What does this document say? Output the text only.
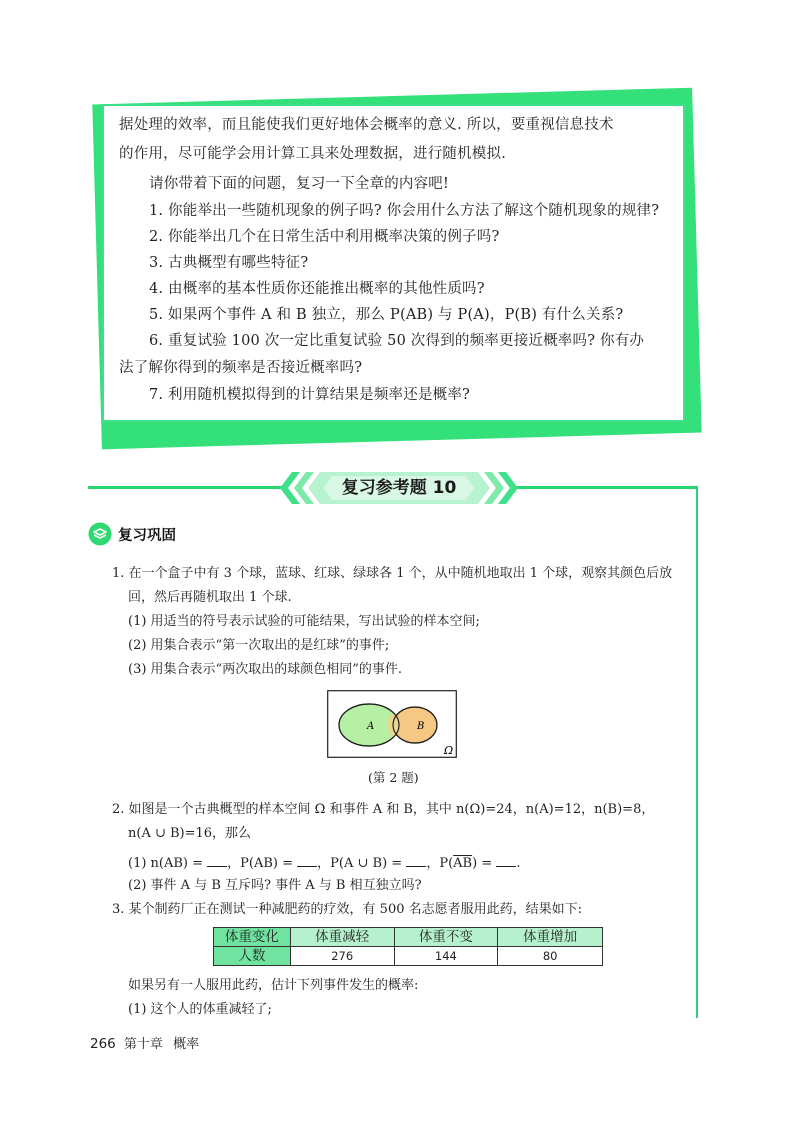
据处理的效率，而且能使我们更好地体会概率的意义. 所以，要重视信息技术
的作用，尽可能学会用计算工具来处理数据，进行随机模拟.
请你带着下面的问题，复习一下全章的内容吧!
1. 你能举出一些随机现象的例子吗? 你会用什么方法了解这个随机现象的规律?
2. 你能举出几个在日常生活中利用概率决策的例子吗?
3. 古典概型有哪些特征?
4. 由概率的基本性质你还能推出概率的其他性质吗?
5. 如果两个事件 A 和 B 独立，那么 P(AB) 与 P(A)，P(B) 有什么关系?
6. 重复试验 100 次一定比重复试验 50 次得到的频率更接近概率吗? 你有办
法了解你得到的频率是否接近概率吗?
7. 利用随机模拟得到的计算结果是频率还是概率?
复习参考题 10
复习巩固
1. 在一个盒子中有 3 个球，蓝球、红球、绿球各 1 个，从中随机地取出 1 个球，观察其颜色后放
回，然后再随机取出 1 个球.
(1) 用适当的符号表示试验的可能结果，写出试验的样本空间;
(2) 用集合表示“第一次取出的是红球”的事件;
(3) 用集合表示“两次取出的球颜色相同”的事件.
A	B
Ω
(第 2 题)
2. 如图是一个古典概型的样本空间 Ω 和事件 A 和 B，其中 n(Ω)=24，n(A)=12，n(B)=8，
n(A ∪ B)=16，那么
(1) n(AB) = ，P(AB) = ，P(A ∪ B) = ，$P(\overline{AB})$ = .
(2) 事件 A 与 B 互斥吗? 事件 A 与 B 相互独立吗?
3. 某个制药厂正在测试一种减肥药的疗效，有 500 名志愿者服用此药，结果如下:
体重变化	体重减轻	体重不变	体重增加
人数	276	144	80
如果另有一人服用此药，估计下列事件发生的概率:
(1) 这个人的体重减轻了;
266 第十章 概率
